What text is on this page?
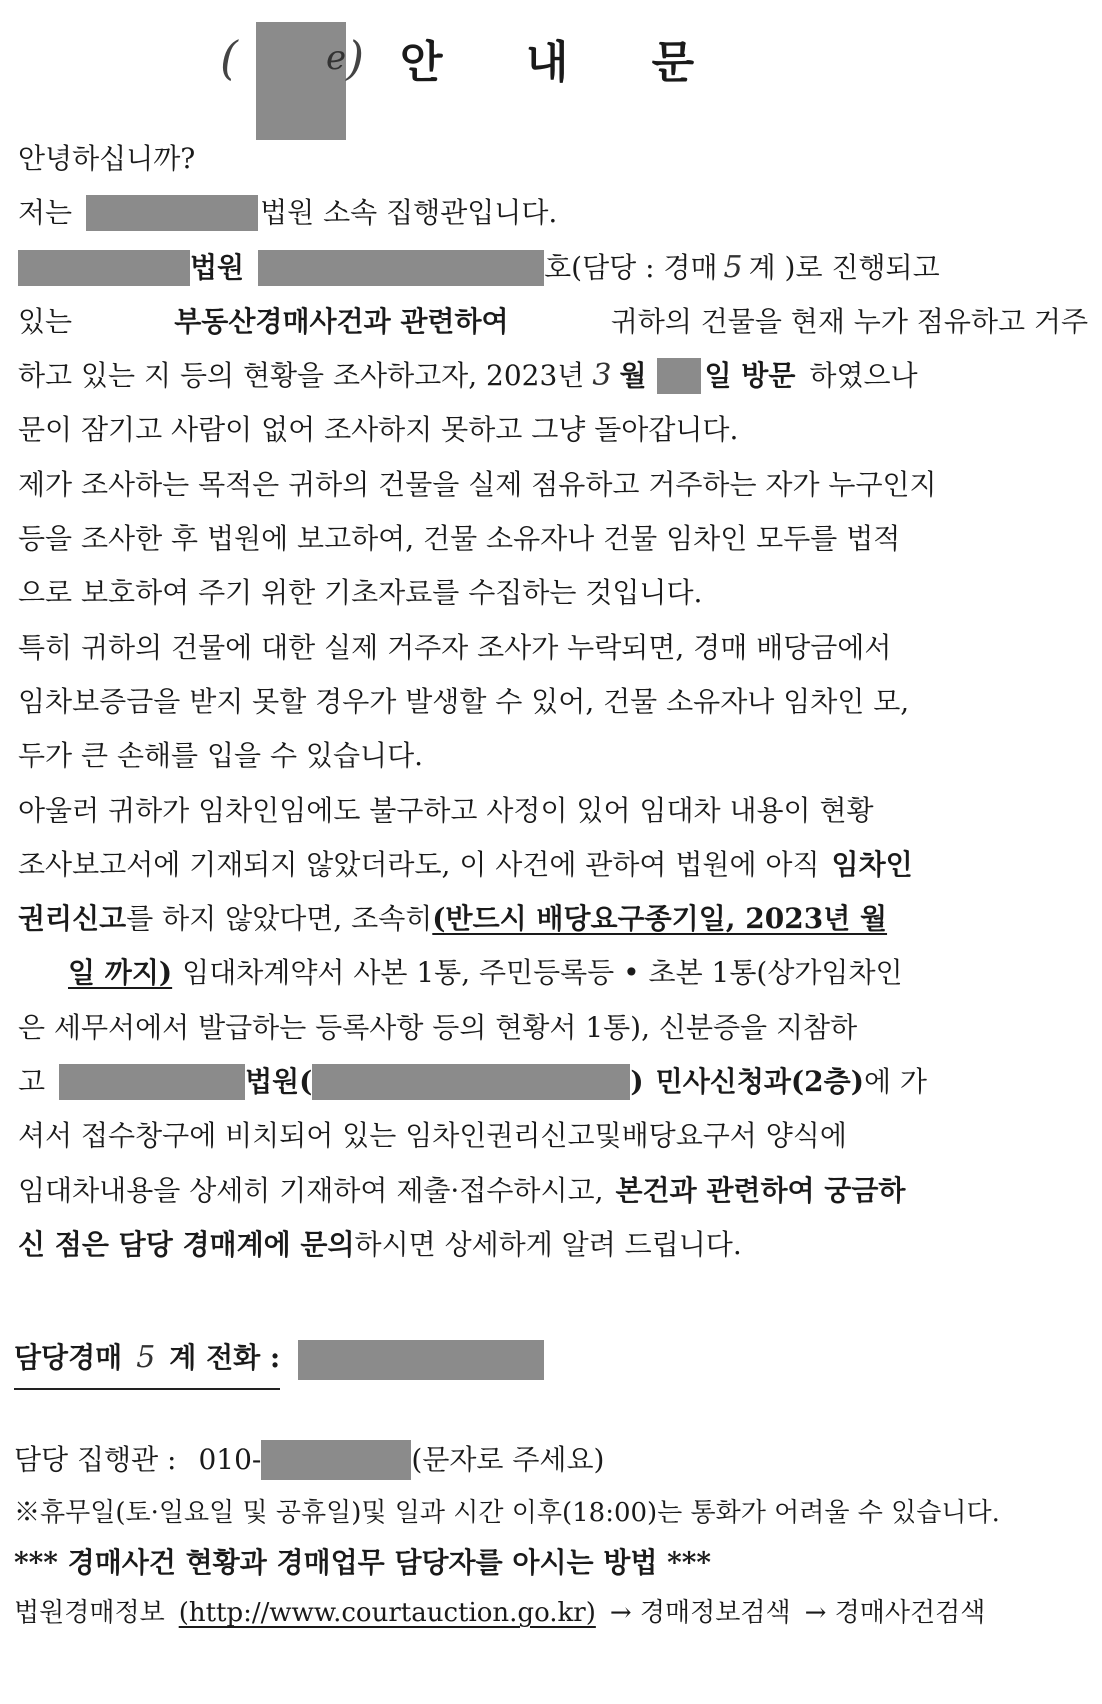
(	e ) 안 내 문
안녕하십니까?
저는	법원 소속 집행관입니다.
법원	호(담당 : 경매 5 계 )로 진행되고
있는	부동산경매사건과 관련하여	귀하의 건물을 현재 누가 점유하고 거주
하고 있는 지 등의 현황을 조사하고자, 2023년 3 월 일 방문 하였으나
문이 잠기고 사람이 없어 조사하지 못하고 그냥 돌아갑니다.
제가 조사하는 목적은 귀하의 건물을 실제 점유하고 거주하는 자가 누구인지
등을 조사한 후 법원에 보고하여, 건물 소유자나 건물 임차인 모두를 법적
으로 보호하여 주기 위한 기초자료를 수집하는 것입니다.
특히 귀하의 건물에 대한 실제 거주자 조사가 누락되면, 경매 배당금에서
임차보증금을 받지 못할 경우가 발생할 수 있어, 건물 소유자나 임차인 모,
두가 큰 손해를 입을 수 있습니다.
아울러 귀하가 임차인임에도 불구하고 사정이 있어 임대차 내용이 현황
조사보고서에 기재되지 않았더라도, 이 사건에 관하여 법원에 아직 임차인
권리신고 를 하지 않았다면, 조속히 (반드시 배당요구종기일, 2023년 월
일 까지) 임대차계약서 사본 1통, 주민등록등 • 초본 1통(상가임차인
은 세무서에서 발급하는 등록사항 등의 현황서 1통), 신분증을 지참하
고	법원(	) 민사신청과(2층) 에 가
셔서 접수창구에 비치되어 있는 임차인권리신고및배당요구서 양식에
임대차내용을 상세히 기재하여 제출·접수하시고, 본건과 관련하여 궁금하
신 점은 담당 경매계에 문의 하시면 상세하게 알려 드립니다.
담당경매 5 계 전화 :
담당 집행관 : 010-	(문자로 주세요)
※휴무일(토·일요일 및 공휴일)및 일과 시간 이후(18:00)는 통화가 어려울 수 있습니다.
*** 경매사건 현황과 경매업무 담당자를 아시는 방법 ***
법원경매정보 (http://www.courtauction.go.kr) → 경매정보검색 → 경매사건검색
